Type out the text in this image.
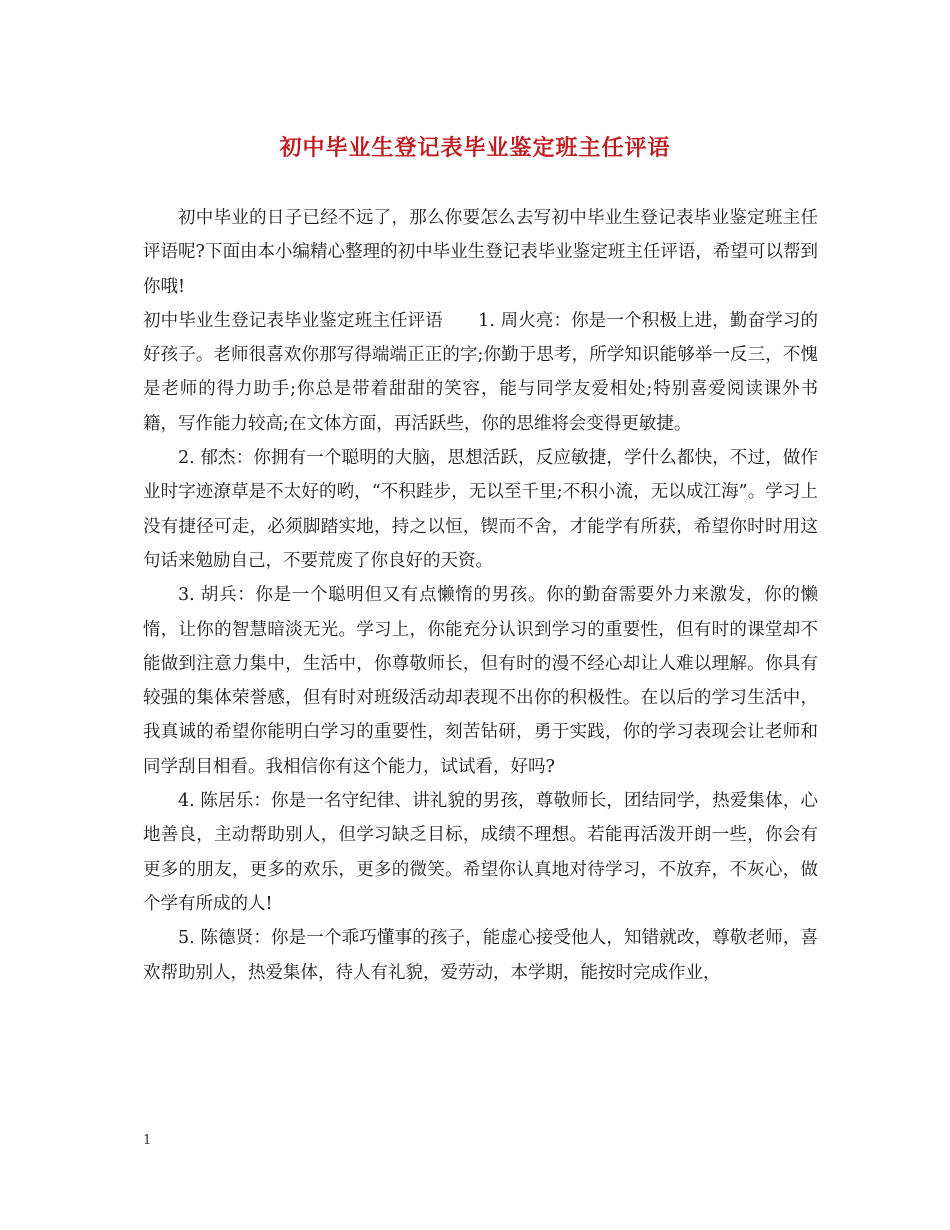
初中毕业生登记表毕业鉴定班主任评语

初中毕业的日子已经不远了，那么你要怎么去写初中毕业生登记表毕业鉴定班主任评语呢?下面由本小编精心整理的初中毕业生登记表毕业鉴定班主任评语，希望可以帮到你哦!

初中毕业生登记表毕业鉴定班主任评语　　1. 周火亮：你是一个积极上进，勤奋学习的好孩子。老师很喜欢你那写得端端正正的字;你勤于思考，所学知识能够举一反三，不愧是老师的得力助手;你总是带着甜甜的笑容，能与同学友爱相处;特别喜爱阅读课外书籍，写作能力较高;在文体方面，再活跃些，你的思维将会变得更敏捷。

2. 郁杰：你拥有一个聪明的大脑，思想活跃，反应敏捷，学什么都快，不过，做作业时字迹潦草是不太好的哟，“不积跬步，无以至千里;不积小流，无以成江海”。学习上没有捷径可走，必须脚踏实地，持之以恒，锲而不舍，才能学有所获，希望你时时用这句话来勉励自己，不要荒废了你良好的天资。

3. 胡兵：你是一个聪明但又有点懒惰的男孩。你的勤奋需要外力来激发，你的懒惰，让你的智慧暗淡无光。学习上，你能充分认识到学习的重要性，但有时的课堂却不能做到注意力集中，生活中，你尊敬师长，但有时的漫不经心却让人难以理解。你具有较强的集体荣誉感，但有时对班级活动却表现不出你的积极性。在以后的学习生活中，我真诚的希望你能明白学习的重要性，刻苦钻研，勇于实践，你的学习表现会让老师和同学刮目相看。我相信你有这个能力，试试看，好吗?

4. 陈居乐：你是一名守纪律、讲礼貌的男孩，尊敬师长，团结同学，热爱集体，心地善良，主动帮助别人，但学习缺乏目标，成绩不理想。若能再活泼开朗一些，你会有更多的朋友，更多的欢乐，更多的微笑。希望你认真地对待学习，不放弃，不灰心，做个学有所成的人!

5. 陈德贤：你是一个乖巧懂事的孩子，能虚心接受他人，知错就改，尊敬老师，喜欢帮助别人，热爱集体，待人有礼貌，爱劳动，本学期，能按时完成作业，

1
